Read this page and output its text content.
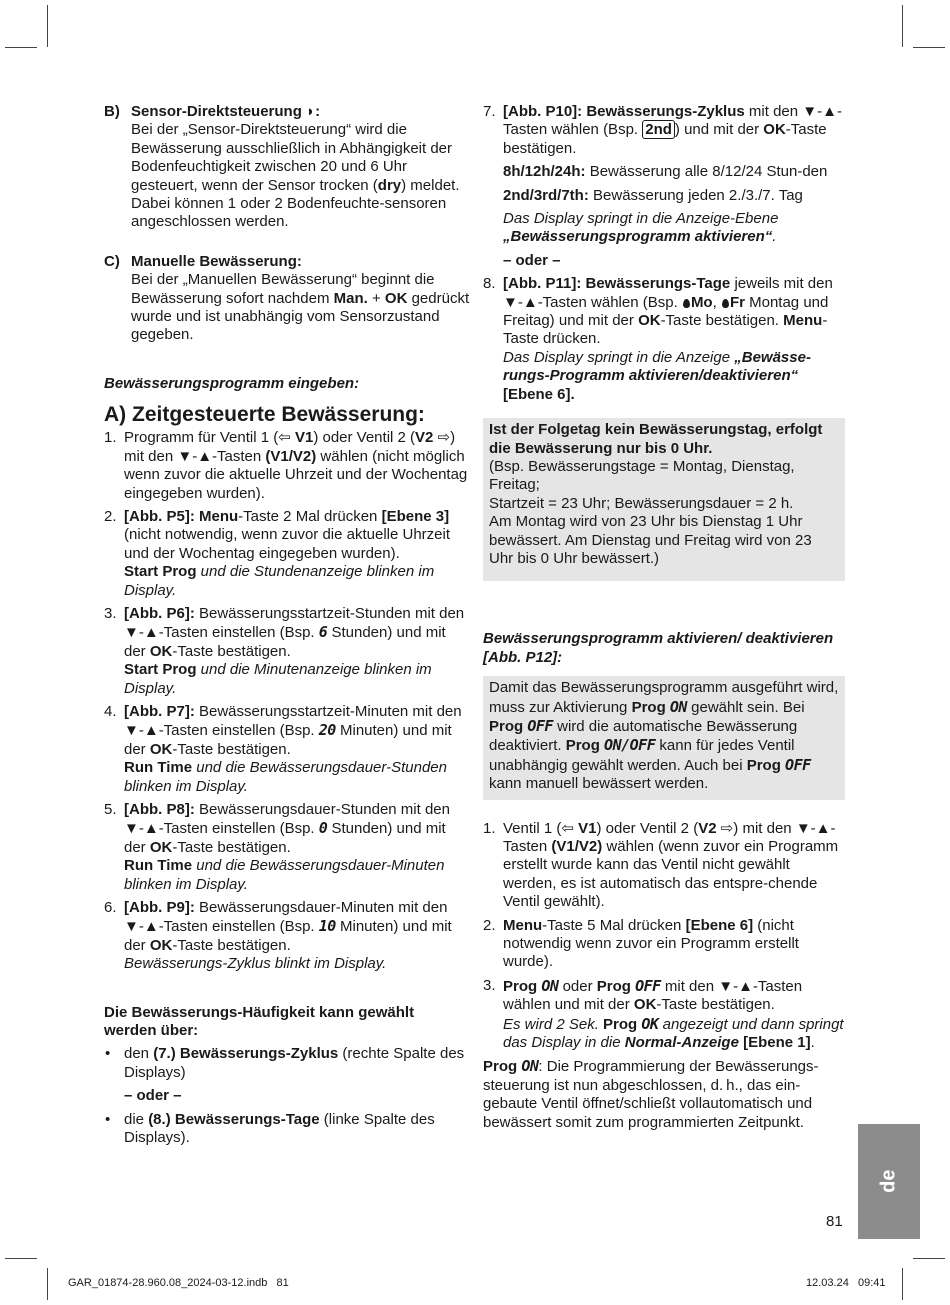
B) Sensor-Direktsteuerung ◗:

Bei der „Sensor-Direktsteuerung“ wird die Bewässerung ausschließlich in Abhängigkeit der Bodenfeuchtigkeit zwischen 20 und 6 Uhr gesteuert, wenn der Sensor trocken (dry) meldet. Dabei können 1 oder 2 Bodenfeuchte-sensoren angeschlossen werden.

C) Manuelle Bewässerung:

Bei der „Manuellen Bewässerung“ beginnt die Bewässerung sofort nachdem Man. + OK gedrückt wurde und ist unabhängig vom Sensorzustand gegeben.

Bewässerungsprogramm eingeben:

A) Zeitgesteuerte Bewässerung:
1. Programm für Ventil 1 (⇦ V1) oder Ventil 2 (V2 ⇨) mit den ▼-▲-Tasten (V1/V2) wählen (nicht möglich wenn zuvor die aktuelle Uhrzeit und der Wochentag eingegeben wurden).

2. [Abb. P5]: Menu-Taste 2 Mal drücken [Ebene 3] (nicht notwendig, wenn zuvor die aktuelle Uhrzeit und der Wochentag eingegeben wurden).

Start Prog und die Stundenanzeige blinken im Display.

3. [Abb. P6]: Bewässerungsstartzeit-Stunden mit den ▼-▲-Tasten einstellen (Bsp. 6 Stunden) und mit der OK-Taste bestätigen.

Start Prog und die Minutenanzeige blinken im Display.

4. [Abb. P7]: Bewässerungsstartzeit-Minuten mit den ▼-▲-Tasten einstellen (Bsp. 20 Minuten) und mit der OK-Taste bestätigen.

Run Time und die Bewässerungsdauer-Stunden blinken im Display.

5. [Abb. P8]: Bewässerungsdauer-Stunden mit den ▼-▲-Tasten einstellen (Bsp. 0 Stunden) und mit der OK-Taste bestätigen.

Run Time und die Bewässerungsdauer-Minuten blinken im Display.

6. [Abb. P9]: Bewässerungsdauer-Minuten mit den ▼-▲-Tasten einstellen (Bsp. 10 Minuten) und mit der OK-Taste bestätigen.

Bewässerungs-Zyklus blinkt im Display.

Die Bewässerungs-Häufigkeit kann gewählt werden über:

• den (7.) Bewässerungs-Zyklus (rechte Spalte des Displays)

– oder –

• die (8.) Bewässerungs-Tage (linke Spalte des Displays).

7. [Abb. P10]: Bewässerungs-Zyklus mit den ▼-▲-Tasten wählen (Bsp. 2nd ) und mit der OK-Taste bestätigen.

8h/12h/24h: Bewässerung alle 8/12/24 Stun-den

2nd/3rd/7th: Bewässerung jeden 2./3./7. Tag

Das Display springt in die Anzeige-Ebene „Bewässerungsprogramm aktivieren“.

– oder –

8. [Abb. P11]: Bewässerungs-Tage jeweils mit den ▼-▲-Tasten wählen (Bsp. Mo, Fr Montag und Freitag) und mit der OK-Taste bestätigen. Menu-Taste drücken.

Das Display springt in die Anzeige „Bewässe-rungs-Programm aktivieren/deaktivieren“ [Ebene 6].

Ist der Folgetag kein Bewässerungstag, erfolgt die Bewässerung nur bis 0 Uhr.

(Bsp. Bewässerungstage = Montag, Dienstag, Freitag;

Startzeit = 23 Uhr; Bewässerungsdauer = 2 h.

Am Montag wird von 23 Uhr bis Dienstag 1 Uhr bewässert. Am Dienstag und Freitag wird von 23 Uhr bis 0 Uhr bewässert.)

Bewässerungsprogramm aktivieren/ deaktivieren [Abb. P12]:

Damit das Bewässerungsprogramm ausgeführt wird, muss zur Aktivierung Prog ON gewählt sein. Bei Prog OFF wird die automatische Bewässerung deaktiviert. Prog ON/OFF kann für jedes Ventil unabhängig gewählt werden. Auch bei Prog OFF kann manuell bewässert werden.

1. Ventil 1 (⇦ V1) oder Ventil 2 (V2 ⇨) mit den ▼-▲-Tasten (V1/V2) wählen (wenn zuvor ein Programm erstellt wurde kann das Ventil nicht gewählt werden, es ist automatisch das entspre-chende Ventil gewählt).

2. Menu-Taste 5 Mal drücken [Ebene 6] (nicht notwendig wenn zuvor ein Programm erstellt wurde).

3. Prog ON oder Prog OFF mit den ▼-▲-Tasten wählen und mit der OK-Taste bestätigen.

Es wird 2 Sek. Prog OK angezeigt und dann springt das Display in die Normal-Anzeige [Ebene 1].

Prog ON: Die Programmierung der Bewässerungs-steuerung ist nun abgeschlossen, d. h., das ein-gebaute Ventil öffnet/schließt vollautomatisch und bewässert somit zum programmierten Zeitpunkt.

de
81
GAR_01874-28.960.08_2024-03-12.indb   81	12.03.24   09:41
